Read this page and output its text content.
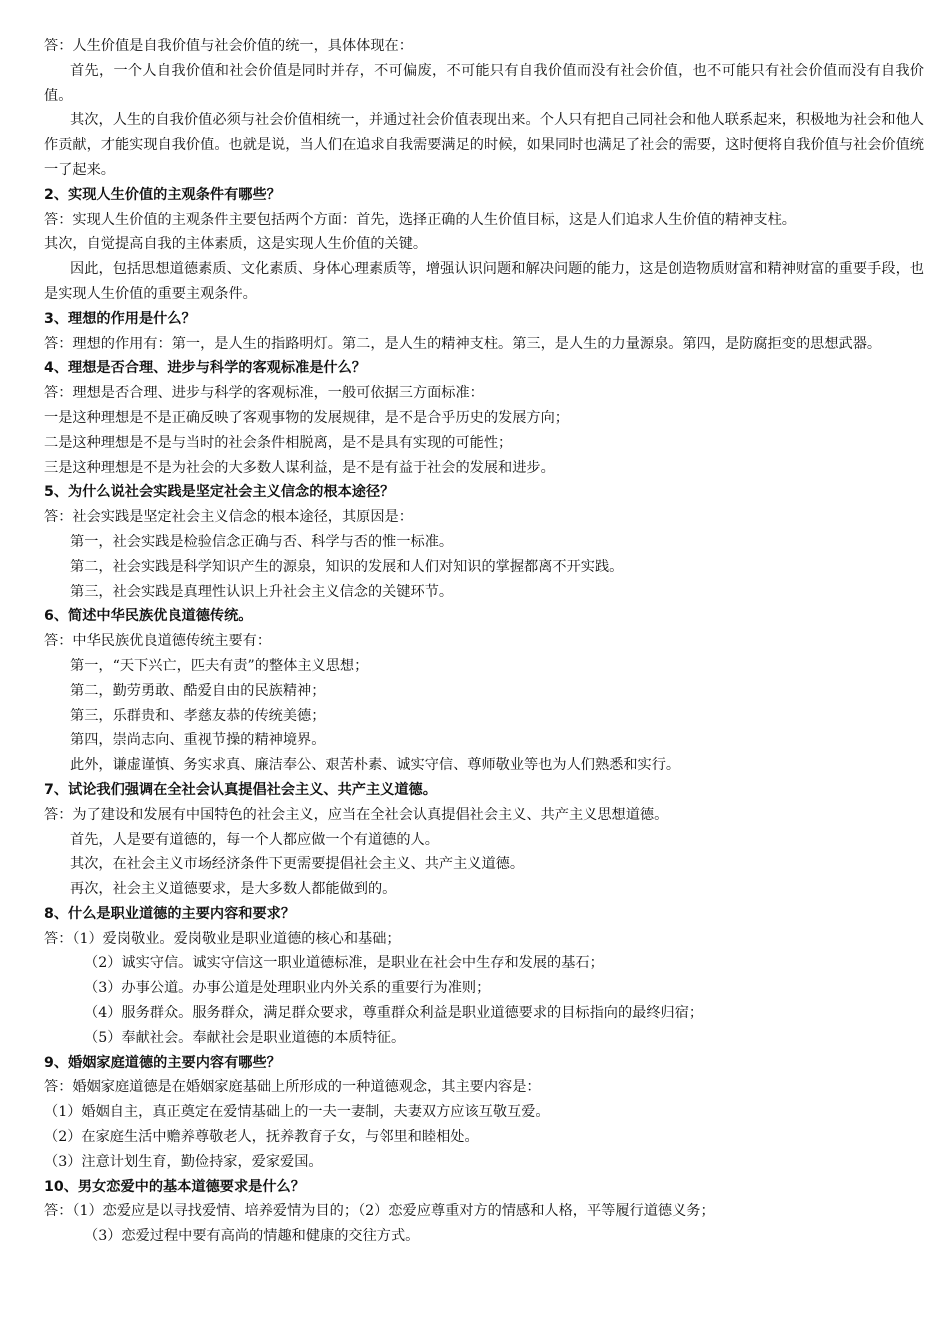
答：人生价值是自我价值与社会价值的统一，具体体现在：

首先，一个人自我价值和社会价值是同时并存，不可偏废，不可能只有自我价值而没有社会价值，也不可能只有社会价值而没有自我价值。

其次，人生的自我价值必须与社会价值相统一，并通过社会价值表现出来。个人只有把自己同社会和他人联系起来，积极地为社会和他人作贡献，才能实现自我价值。也就是说，当人们在追求自我需要满足的时候，如果同时也满足了社会的需要，这时便将自我价值与社会价值统一了起来。

2、实现人生价值的主观条件有哪些？

答：实现人生价值的主观条件主要包括两个方面：首先，选择正确的人生价值目标，这是人们追求人生价值的精神支柱。

其次，自觉提高自我的主体素质，这是实现人生价值的关键。

因此，包括思想道德素质、文化素质、身体心理素质等，增强认识问题和解决问题的能力，这是创造物质财富和精神财富的重要手段，也是实现人生价值的重要主观条件。

3、理想的作用是什么？

答：理想的作用有：第一，是人生的指路明灯。第二，是人生的精神支柱。第三，是人生的力量源泉。第四，是防腐拒变的思想武器。

4、理想是否合理、进步与科学的客观标准是什么？

答：理想是否合理、进步与科学的客观标准，一般可依据三方面标准：

一是这种理想是不是正确反映了客观事物的发展规律，是不是合乎历史的发展方向；

二是这种理想是不是与当时的社会条件相脱离，是不是具有实现的可能性；

三是这种理想是不是为社会的大多数人谋利益，是不是有益于社会的发展和进步。

5、为什么说社会实践是坚定社会主义信念的根本途径？

答：社会实践是坚定社会主义信念的根本途径，其原因是：

第一，社会实践是检验信念正确与否、科学与否的惟一标准。

第二，社会实践是科学知识产生的源泉，知识的发展和人们对知识的掌握都离不开实践。

第三，社会实践是真理性认识上升社会主义信念的关键环节。

6、简述中华民族优良道德传统。

答：中华民族优良道德传统主要有：

第一，“天下兴亡，匹夫有责”的整体主义思想；

第二，勤劳勇敢、酷爱自由的民族精神；

第三，乐群贵和、孝慈友恭的传统美德；

第四，崇尚志向、重视节操的精神境界。

此外，谦虚谨慎、务实求真、廉洁奉公、艰苦朴素、诚实守信、尊师敬业等也为人们熟悉和实行。

7、试论我们强调在全社会认真提倡社会主义、共产主义道德。

答：为了建设和发展有中国特色的社会主义，应当在全社会认真提倡社会主义、共产主义思想道德。

首先，人是要有道德的，每一个人都应做一个有道德的人。

其次，在社会主义市场经济条件下更需要提倡社会主义、共产主义道德。

再次，社会主义道德要求，是大多数人都能做到的。

8、什么是职业道德的主要内容和要求？

答：（1）爱岗敬业。爱岗敬业是职业道德的核心和基础；

（2）诚实守信。诚实守信这一职业道德标准，是职业在社会中生存和发展的基石；

（3）办事公道。办事公道是处理职业内外关系的重要行为准则；

（4）服务群众。服务群众，满足群众要求，尊重群众利益是职业道德要求的目标指向的最终归宿；

（5）奉献社会。奉献社会是职业道德的本质特征。

9、婚姻家庭道德的主要内容有哪些？

答：婚姻家庭道德是在婚姻家庭基础上所形成的一种道德观念，其主要内容是：

（1）婚姻自主，真正奠定在爱情基础上的一夫一妻制，夫妻双方应该互敬互爱。

（2）在家庭生活中赡养尊敬老人，抚养教育子女，与邻里和睦相处。

（3）注意计划生育，勤俭持家，爱家爱国。

10、男女恋爱中的基本道德要求是什么？

答：（1）恋爱应是以寻找爱情、培养爱情为目的；（2）恋爱应尊重对方的情感和人格，平等履行道德义务；

（3）恋爱过程中要有高尚的情趣和健康的交往方式。
